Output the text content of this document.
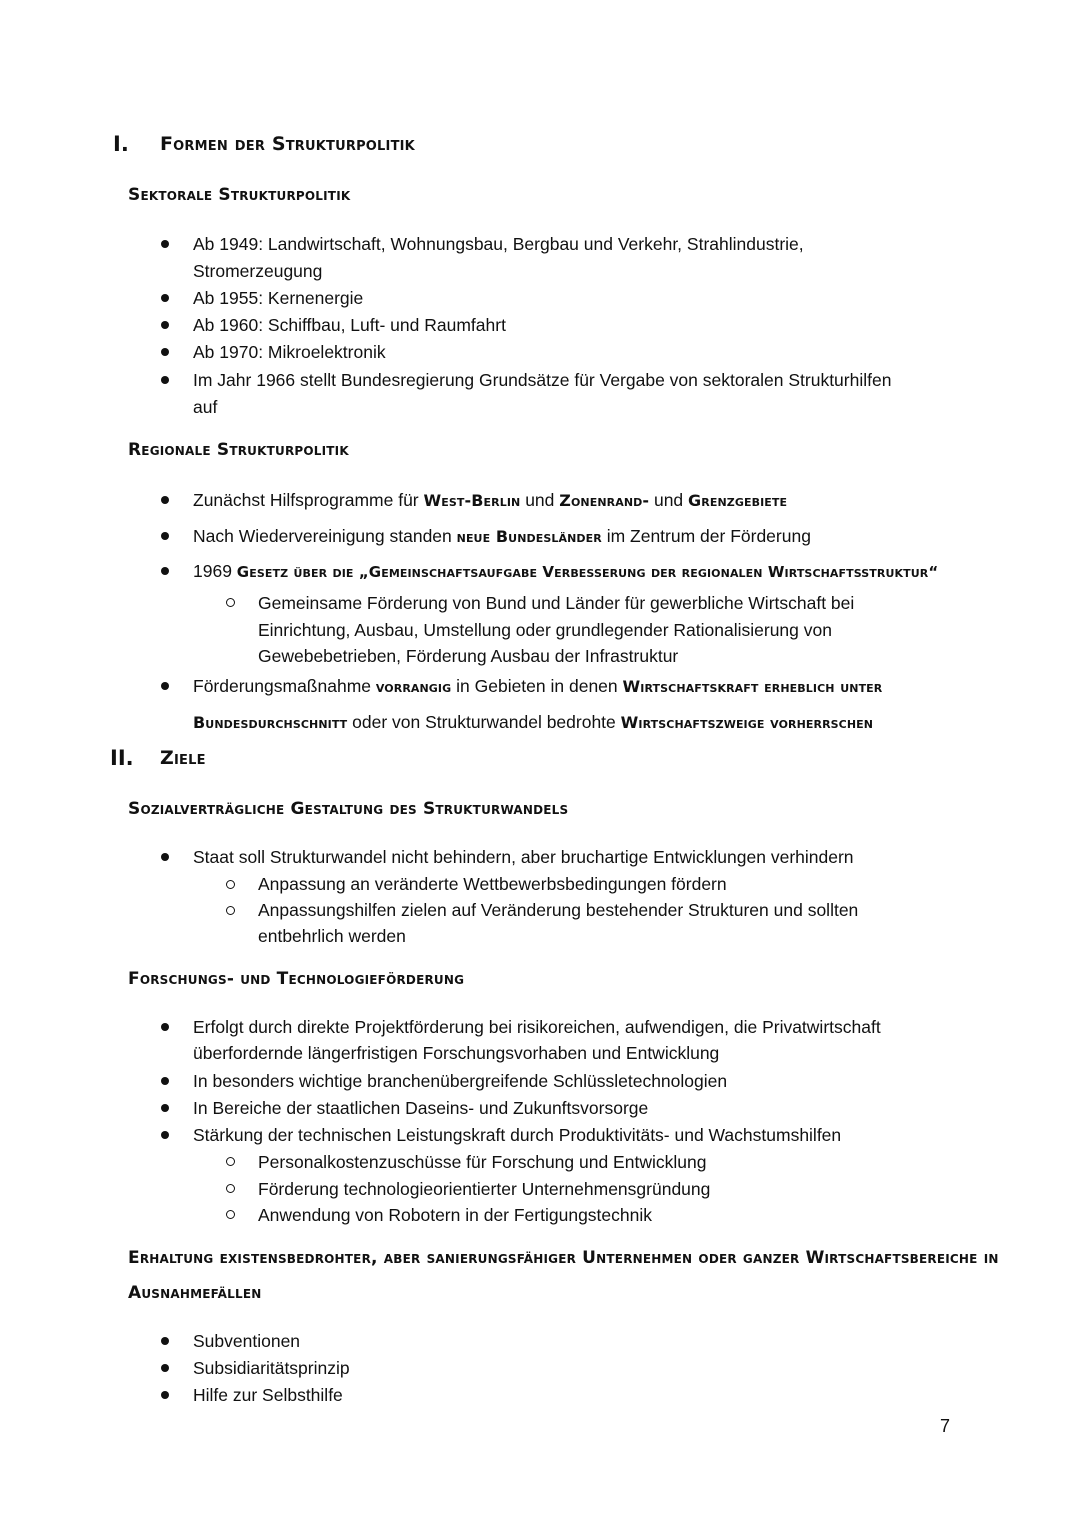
I. Formen der Strukturpolitik
Sektorale Strukturpolitik
Ab 1949: Landwirtschaft, Wohnungsbau, Bergbau und Verkehr, Strahlindustrie,
Stromerzeugung
Ab 1955: Kernenergie
Ab 1960: Schiffbau, Luft- und Raumfahrt
Ab 1970: Mikroelektronik
Im Jahr 1966 stellt Bundesregierung Grundsätze für Vergabe von sektoralen Strukturhilfen
auf
Regionale Strukturpolitik
Zunächst Hilfsprogramme für West-Berlin und Zonenrand- und Grenzgebiete
Nach Wiedervereinigung standen neue Bundesländer im Zentrum der Förderung
1969 Gesetz über die „Gemeinschaftsaufgabe Verbesserung der regionalen Wirtschaftsstruktur“
Gemeinsame Förderung von Bund und Länder für gewerbliche Wirtschaft bei
Einrichtung, Ausbau, Umstellung oder grundlegender Rationalisierung von
Gewebebetrieben, Förderung Ausbau der Infrastruktur
Förderungsmaßnahme vorrangig in Gebieten in denen Wirtschaftskraft erheblich unter
Bundesdurchschnitt oder von Strukturwandel bedrohte Wirtschaftszweige vorherrschen
II. Ziele
Sozialverträgliche Gestaltung des Strukturwandels
Staat soll Strukturwandel nicht behindern, aber bruchartige Entwicklungen verhindern
Anpassung an veränderte Wettbewerbsbedingungen fördern
Anpassungshilfen zielen auf Veränderung bestehender Strukturen und sollten
entbehrlich werden
Forschungs- und Technologieförderung
Erfolgt durch direkte Projektförderung bei risikoreichen, aufwendigen, die Privatwirtschaft
überfordernde längerfristigen Forschungsvorhaben und Entwicklung
In besonders wichtige branchenübergreifende Schlüssletechnologien
In Bereiche der staatlichen Daseins- und Zukunftsvorsorge
Stärkung der technischen Leistungskraft durch Produktivitäts- und Wachstumshilfen
Personalkostenzuschüsse für Forschung und Entwicklung
Förderung technologieorientierter Unternehmensgründung
Anwendung von Robotern in der Fertigungstechnik
Erhaltung existensbedrohter, aber sanierungsfähiger Unternehmen oder ganzer Wirtschaftsbereiche in
Ausnahmefällen
Subventionen
Subsidiaritätsprinzip
Hilfe zur Selbsthilfe
7
